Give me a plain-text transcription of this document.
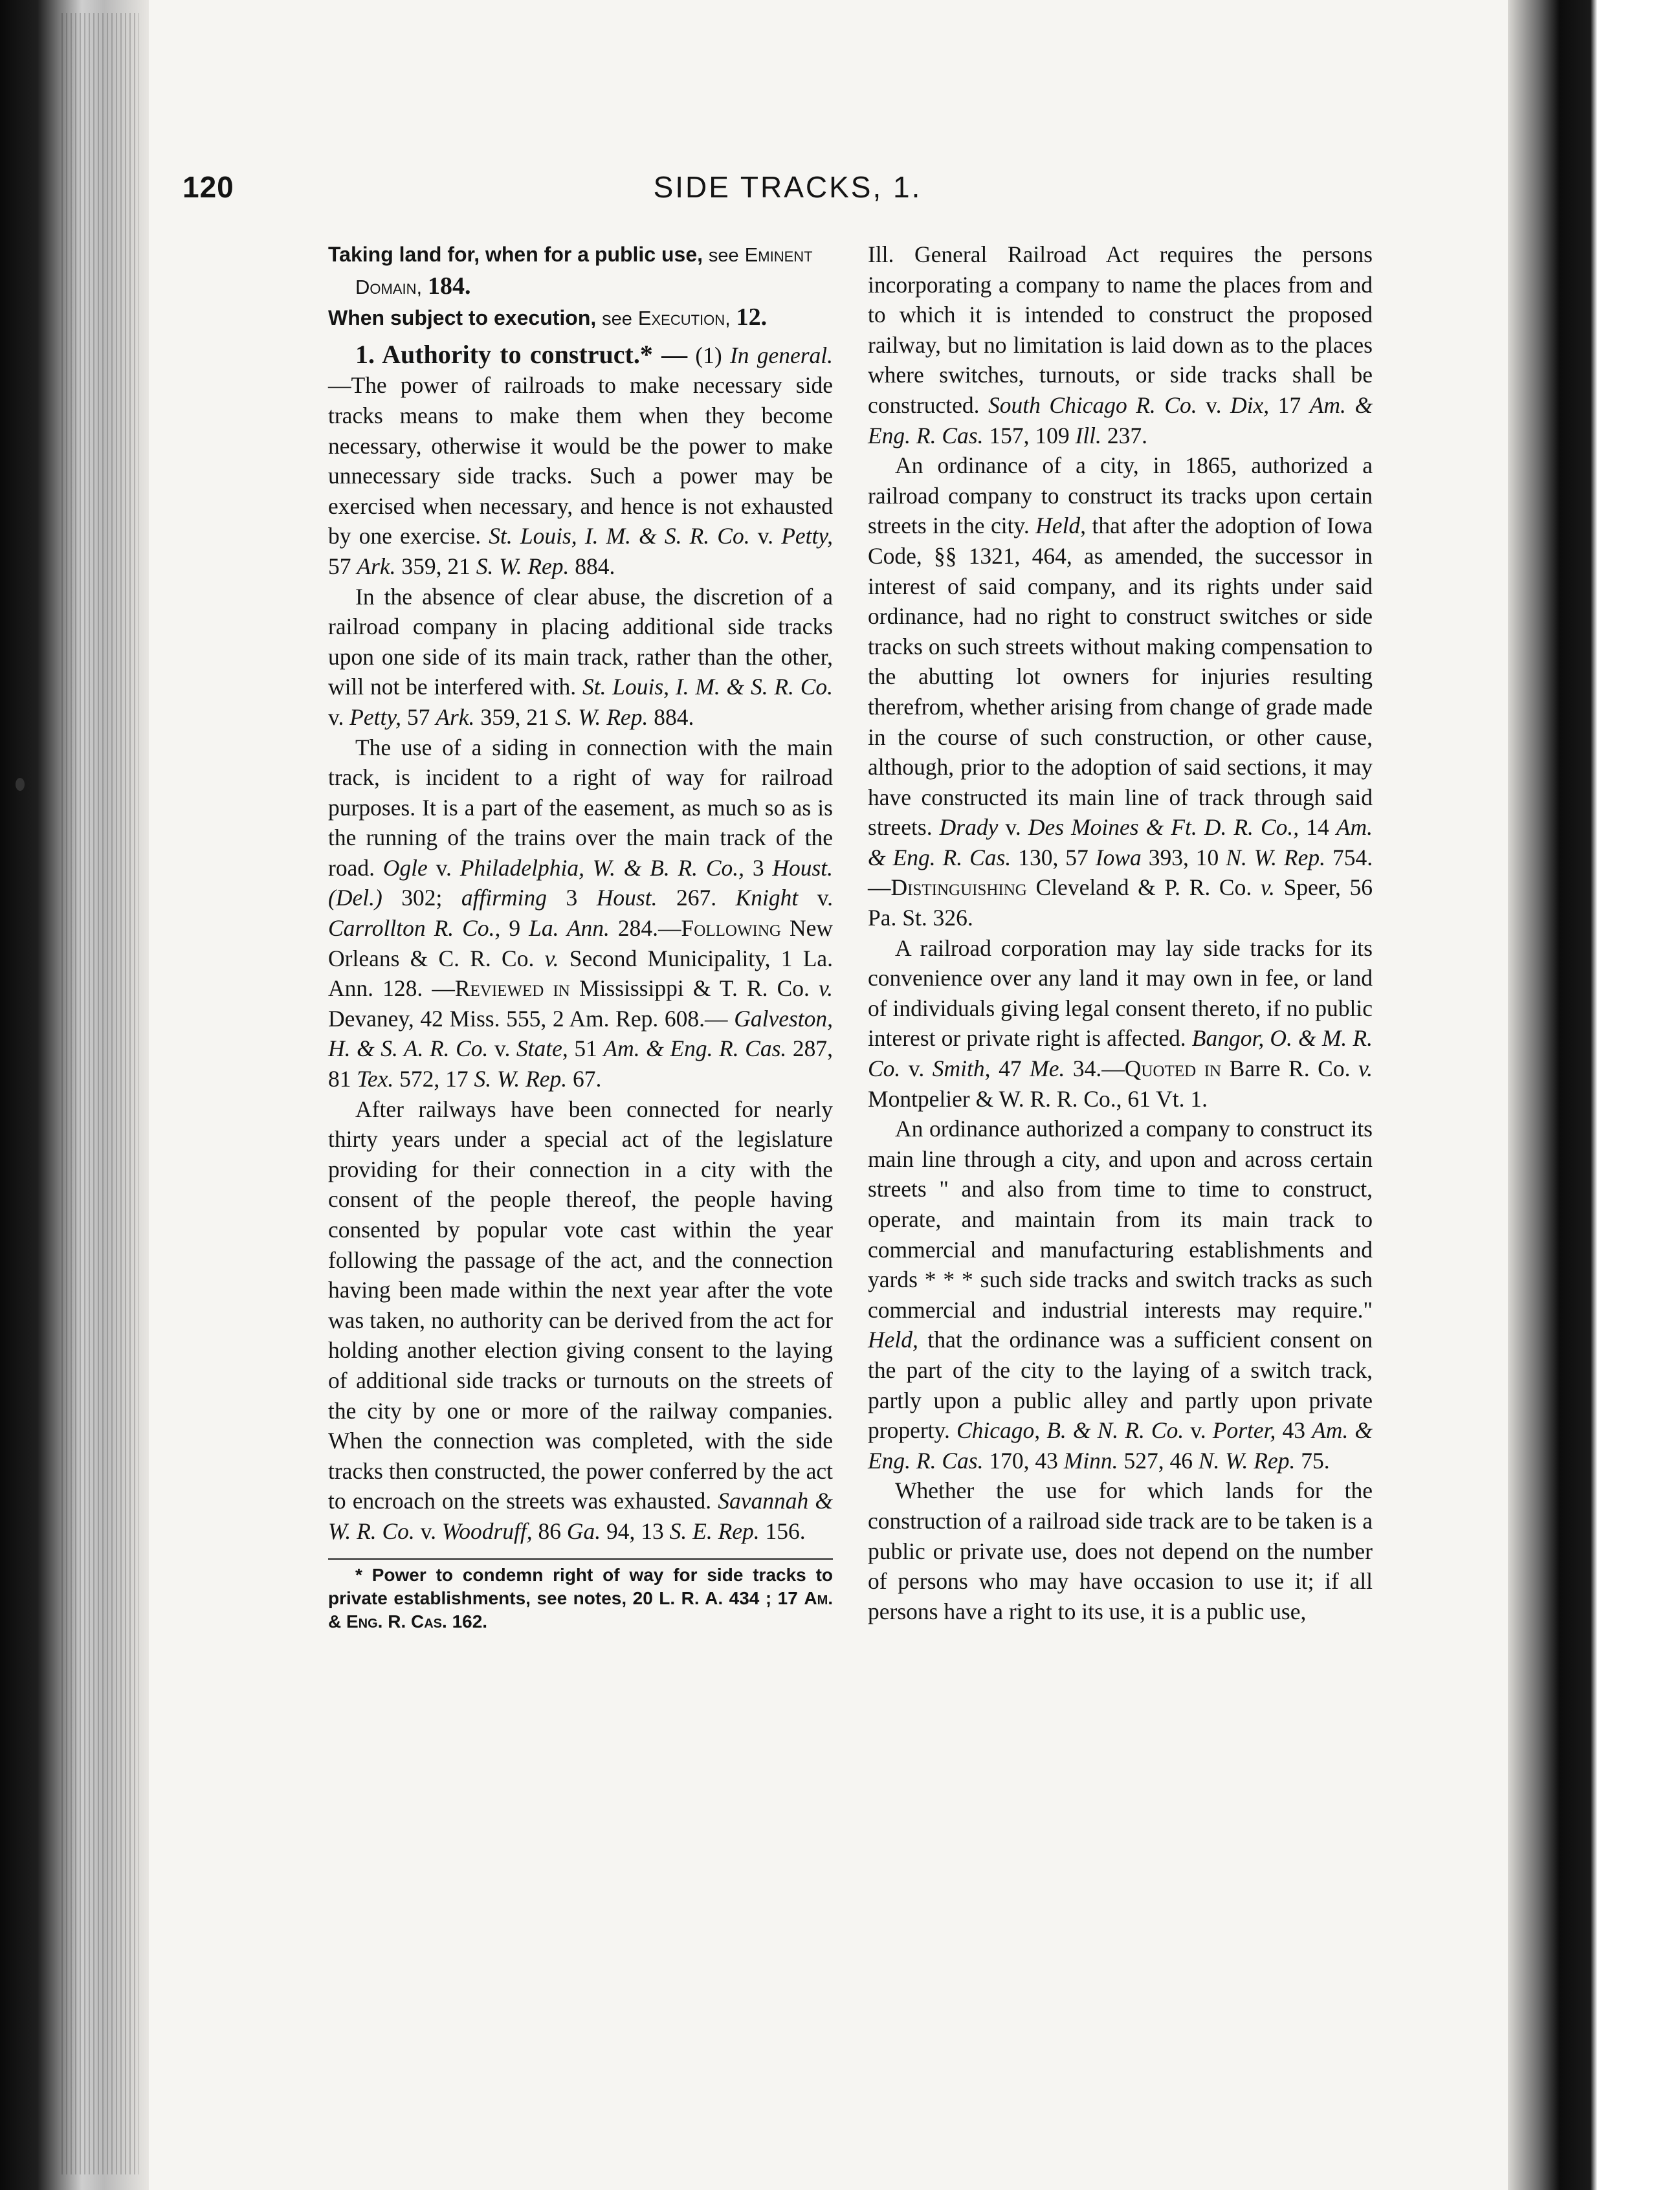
120	SIDE TRACKS, 1.

Taking land for, when for a public use, see Eminent Domain, 184.

When subject to execution, see Execution, 12.

1. Authority to construct.* — (1) In general.—The power of railroads to make necessary side tracks means to make them when they become necessary, otherwise it would be the power to make unnecessary side tracks. Such a power may be exercised when necessary, and hence is not exhausted by one exercise. St. Louis, I. M. & S. R. Co. v. Petty, 57 Ark. 359, 21 S. W. Rep. 884.

In the absence of clear abuse, the discretion of a railroad company in placing additional side tracks upon one side of its main track, rather than the other, will not be interfered with. St. Louis, I. M. & S. R. Co. v. Petty, 57 Ark. 359, 21 S. W. Rep. 884.

The use of a siding in connection with the main track, is incident to a right of way for railroad purposes. It is a part of the easement, as much so as is the running of the trains over the main track of the road. Ogle v. Philadelphia, W. & B. R. Co., 3 Houst. (Del.) 302; affirming 3 Houst. 267. Knight v. Carrollton R. Co., 9 La. Ann. 284.—Following New Orleans & C. R. Co. v. Second Municipality, 1 La. Ann. 128. —Reviewed in Mississippi & T. R. Co. v. Devaney, 42 Miss. 555, 2 Am. Rep. 608.— Galveston, H. & S. A. R. Co. v. State, 51 Am. & Eng. R. Cas. 287, 81 Tex. 572, 17 S. W. Rep. 67.

After railways have been connected for nearly thirty years under a special act of the legislature providing for their connection in a city with the consent of the people thereof, the people having consented by popular vote cast within the year following the passage of the act, and the connection having been made within the next year after the vote was taken, no authority can be derived from the act for holding another election giving consent to the laying of additional side tracks or turnouts on the streets of the city by one or more of the railway companies. When the connection was completed, with the side tracks then constructed, the power conferred by the act to encroach on the streets was exhausted. Savannah & W. R. Co. v. Woodruff, 86 Ga. 94, 13 S. E. Rep. 156.

* Power to condemn right of way for side tracks to private establishments, see notes, 20 L. R. A. 434 ; 17 Am. & Eng. R. Cas. 162.

Ill. General Railroad Act requires the persons incorporating a company to name the places from and to which it is intended to construct the proposed railway, but no limitation is laid down as to the places where switches, turnouts, or side tracks shall be constructed. South Chicago R. Co. v. Dix, 17 Am. & Eng. R. Cas. 157, 109 Ill. 237.

An ordinance of a city, in 1865, authorized a railroad company to construct its tracks upon certain streets in the city. Held, that after the adoption of Iowa Code, §§ 1321, 464, as amended, the successor in interest of said company, and its rights under said ordinance, had no right to construct switches or side tracks on such streets without making compensation to the abutting lot owners for injuries resulting therefrom, whether arising from change of grade made in the course of such construction, or other cause, although, prior to the adoption of said sections, it may have constructed its main line of track through said streets. Drady v. Des Moines & Ft. D. R. Co., 14 Am. & Eng. R. Cas. 130, 57 Iowa 393, 10 N. W. Rep. 754.—Distinguishing Cleveland & P. R. Co. v. Speer, 56 Pa. St. 326.

A railroad corporation may lay side tracks for its convenience over any land it may own in fee, or land of individuals giving legal consent thereto, if no public interest or private right is affected. Bangor, O. & M. R. Co. v. Smith, 47 Me. 34.—Quoted in Barre R. Co. v. Montpelier & W. R. R. Co., 61 Vt. 1.

An ordinance authorized a company to construct its main line through a city, and upon and across certain streets " and also from time to time to construct, operate, and maintain from its main track to commercial and manufacturing establishments and yards * * * such side tracks and switch tracks as such commercial and industrial interests may require." Held, that the ordinance was a sufficient consent on the part of the city to the laying of a switch track, partly upon a public alley and partly upon private property. Chicago, B. & N. R. Co. v. Porter, 43 Am. & Eng. R. Cas. 170, 43 Minn. 527, 46 N. W. Rep. 75.

Whether the use for which lands for the construction of a railroad side track are to be taken is a public or private use, does not depend on the number of persons who may have occasion to use it; if all persons have a right to its use, it is a public use,
